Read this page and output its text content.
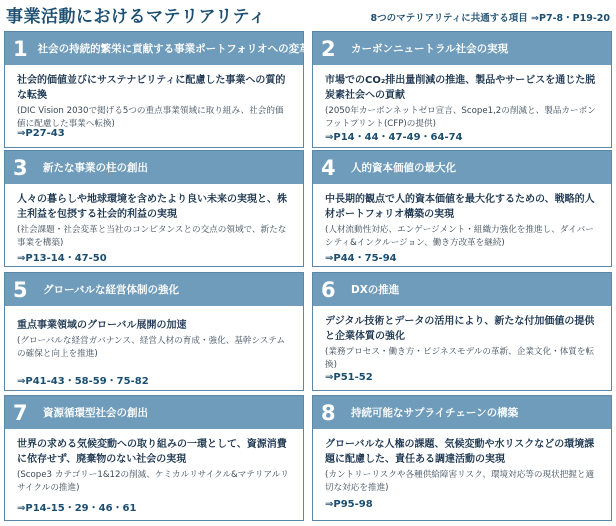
事業活動におけるマテリアリティ	8つのマテリアリティに共通する項目 ⇒P7-8・P19-20
1 社会の持続的繁栄に貢献する事業ポートフォリオへの変革
社会的価値並びにサステナビリティに配慮した事業への質的な転換
(DIC Vision 2030で掲げる5つの重点事業領域に取り組み、社会的価値に配慮した事業へ転換)
⇒P27-43
2	カーボンニュートラル社会の実現
市場でのCO₂排出量削減の推進、製品やサービスを通じた脱炭素社会への貢献
(2050年カーボンネットゼロ宣言、Scope1,2の削減と、製品カーボンフットプリント(CFP)の提供)
⇒P14・44・47-49・64-74
3	新たな事業の柱の創出
人々の暮らしや地球環境を含めたより良い未来の実現と、株主利益を包摂する社会的利益の実現
(社会課題・社会変革と当社のコンピタンスとの交点の領域で、新たな事業を構築)
⇒P13-14・47-50
4	人的資本価値の最大化
中長期的観点で人的資本価値を最大化するための、戦略的人材ポートフォリオ構築の実現
(人材流動性対応、エンゲージメント・組織力強化を推進し、ダイバーシティ&インクルージョン、働き方改革を継続)
⇒P44・75-94
5	グローバルな経営体制の強化
重点事業領域のグローバル展開の加速
(グローバルな経営ガバナンス、経営人材の育成・強化、基幹システムの確保と向上を推進)
⇒P41-43・58-59・75-82
6	DXの推進
デジタル技術とデータの活用により、新たな付加価値の提供と企業体質の強化
(業務プロセス・働き方・ビジネスモデルの革新、企業文化・体質を転換)
⇒P51-52
7	資源循環型社会の創出
世界の求める気候変動への取り組みの一環として、資源消費に依存せず、廃棄物のない社会の実現
(Scope3 カテゴリー1&12の削減、ケミカルリサイクル&マテリアルリサイクルの推進)
⇒P14-15・29・46・61
8	持続可能なサプライチェーンの構築
グローバルな人権の課題、気候変動や水リスクなどの環境課題に配慮した、責任ある調達活動の実現
(カントリーリスクや各種供給障害リスク、環境対応等の現状把握と適切な対応を推進)
⇒P95-98
